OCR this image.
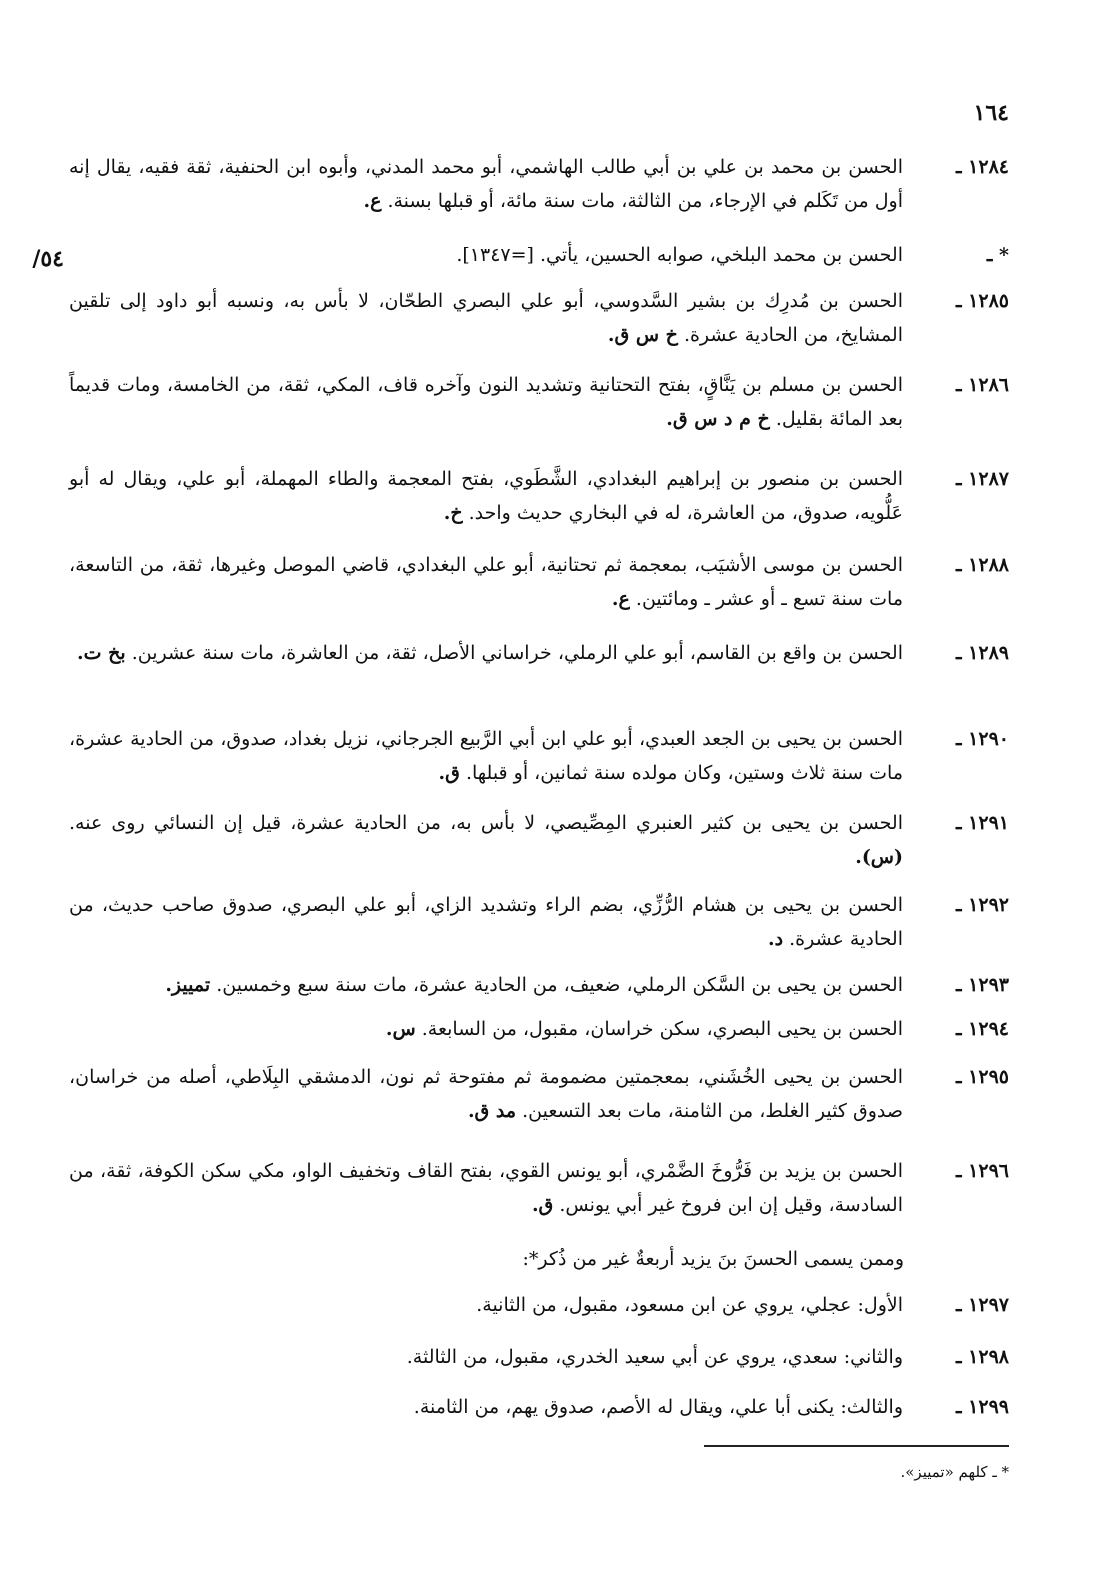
١٦٤
٥٤/
١٢٨٤ ـ
الحسن بن محمد بن علي بن أبي طالب الهاشمي، أبو محمد المدني، وأبوه ابن الحنفية، ثقة فقيه، يقال إنه أول من تَكَلم في الإرجاء، من الثالثة، مات سنة مائة، أو قبلها بسنة. ع.
* ـ
الحسن بن محمد البلخي، صوابه الحسين، يأتي. [=١٣٤٧].
١٢٨٥ ـ
الحسن بن مُدرِك بن بشير السَّدوسي، أبو علي البصري الطحّان، لا بأس به، ونسبه أبو داود إلى تلقين المشايخ، من الحادية عشرة. خ س ق.
١٢٨٦ ـ
الحسن بن مسلم بن يَنَّاقٍ، بفتح التحتانية وتشديد النون وآخره قاف، المكي، ثقة، من الخامسة، ومات قديماً بعد المائة بقليل. خ م د س ق.
١٢٨٧ ـ
الحسن بن منصور بن إبراهيم البغدادي، الشَّطَوي، بفتح المعجمة والطاء المهملة، أبو علي، ويقال له أبو عَلُّويه، صدوق، من العاشرة، له في البخاري حديث واحد. خ.
١٢٨٨ ـ
الحسن بن موسى الأشيَب، بمعجمة ثم تحتانية، أبو علي البغدادي، قاضي الموصل وغيرها، ثقة، من التاسعة، مات سنة تسع ـ أو عشر ـ ومائتين. ع.
١٢٨٩ ـ
الحسن بن واقع بن القاسم، أبو علي الرملي، خراساني الأصل، ثقة، من العاشرة، مات سنة عشرين. بخ ت.
١٢٩٠ ـ
الحسن بن يحيى بن الجعد العبدي، أبو علي ابن أبي الرَّبيع الجرجاني، نزيل بغداد، صدوق، من الحادية عشرة، مات سنة ثلاث وستين، وكان مولده سنة ثمانين، أو قبلها. ق.
١٢٩١ ـ
الحسن بن يحيى بن كثير العنبري المِصِّيصي، لا بأس به، من الحادية عشرة، قيل إن النسائي روى عنه. (س).
١٢٩٢ ـ
الحسن بن يحيى بن هشام الرُّزِّي، بضم الراء وتشديد الزاي، أبو علي البصري، صدوق صاحب حديث، من الحادية عشرة. د.
١٢٩٣ ـ
الحسن بن يحيى بن السَّكن الرملي، ضعيف، من الحادية عشرة، مات سنة سبع وخمسين. تمييز.
١٢٩٤ ـ
الحسن بن يحيى البصري، سكن خراسان، مقبول، من السابعة. س.
١٢٩٥ ـ
الحسن بن يحيى الخُشَني، بمعجمتين مضمومة ثم مفتوحة ثم نون، الدمشقي البِلَاطي، أصله من خراسان، صدوق كثير الغلط، من الثامنة، مات بعد التسعين. مد ق.
١٢٩٦ ـ
الحسن بن يزيد بن فَرُّوخَ الضَّمْري، أبو يونس القوي، بفتح القاف وتخفيف الواو، مكي سكن الكوفة، ثقة، من السادسة، وقيل إن ابن فروخ غير أبي يونس. ق.
وممن يسمى الحسنَ بنَ يزيد أربعةٌ غير من ذُكر*:
١٢٩٧ ـ
الأول: عجلي، يروي عن ابن مسعود، مقبول، من الثانية.
١٢٩٨ ـ
والثاني: سعدي، يروي عن أبي سعيد الخدري، مقبول، من الثالثة.
١٢٩٩ ـ
والثالث: يكنى أبا علي، ويقال له الأصم، صدوق يهم، من الثامنة.
* ـ كلهم «تمييز».
